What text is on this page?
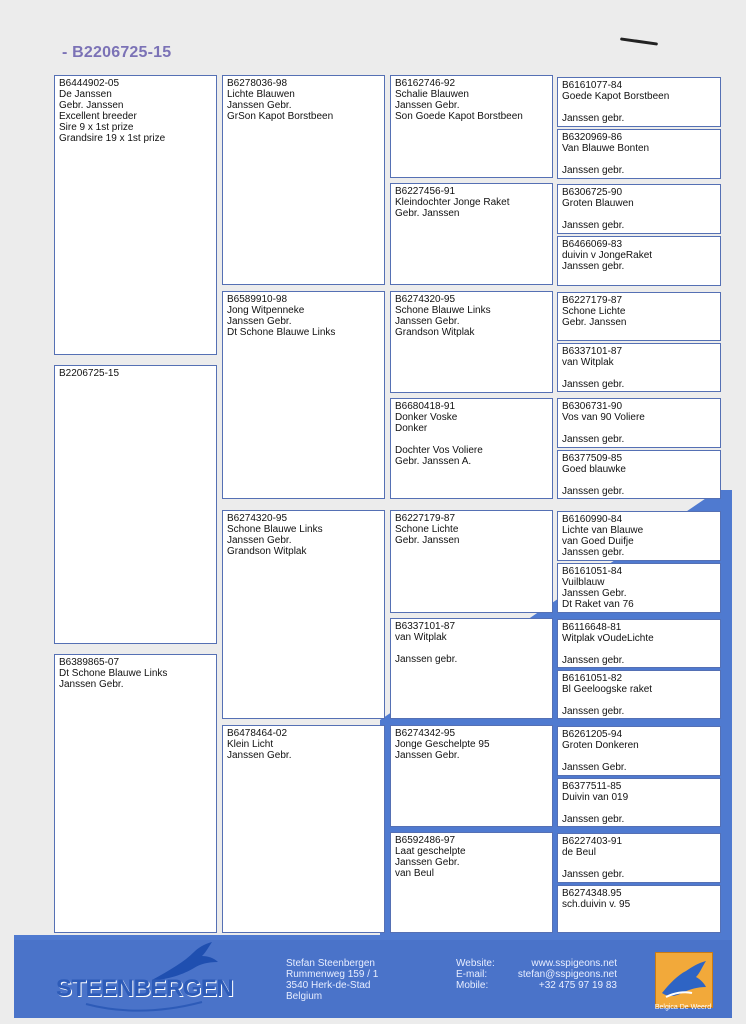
- B2206725-15
B6444902-05
De Janssen
Gebr. Janssen
Excellent breeder
Sire 9 x 1st prize
Grandsire 19 x 1st prize
B2206725-15
B6389865-07
Dt Schone Blauwe Links
Janssen Gebr.
B6278036-98
Lichte Blauwen
Janssen Gebr.
GrSon Kapot Borstbeen
B6589910-98
Jong Witpenneke
Janssen Gebr.
Dt Schone Blauwe Links
B6274320-95
Schone Blauwe Links
Janssen Gebr.
Grandson Witplak
B6478464-02
Klein Licht
Janssen Gebr.
B6162746-92
Schalie Blauwen
Janssen Gebr.
Son Goede Kapot Borstbeen
B6227456-91
Kleindochter Jonge Raket
Gebr. Janssen
B6274320-95
Schone Blauwe Links
Janssen Gebr.
Grandson Witplak
B6680418-91
Donker Voske
Donker
Dochter Vos Voliere
Gebr. Janssen A.
B6227179-87
Schone Lichte
Gebr. Janssen
B6337101-87
van Witplak
Janssen gebr.
B6274342-95
Jonge Geschelpte 95
Janssen Gebr.
B6592486-97
Laat geschelpte
Janssen Gebr.
van Beul
B6161077-84
Goede Kapot Borstbeen
Janssen gebr.
B6320969-86
Van Blauwe Bonten
Janssen gebr.
B6306725-90
Groten Blauwen
Janssen gebr.
B6466069-83
duivin v JongeRaket
Janssen gebr.
B6227179-87
Schone Lichte
Gebr. Janssen
B6337101-87
van Witplak
Janssen gebr.
B6306731-90
Vos van 90 Voliere
Janssen gebr.
B6377509-85
Goed blauwke
Janssen gebr.
B6160990-84
Lichte van Blauwe
van Goed Duifje
Janssen gebr.
B6161051-84
Vuilblauw
Janssen Gebr.
Dt Raket van 76
B6116648-81
Witplak vOudeLichte
Janssen gebr.
B6161051-82
Bl Geeloogske raket
Janssen gebr.
B6261205-94
Groten Donkeren
Janssen Gebr.
B6377511-85
Duivin van 019
Janssen gebr.
B6227403-91
de Beul
Janssen gebr.
B6274348.95
sch.duivin v. 95
STEENBERGEN
Stefan Steenbergen
Rummenweg 159 / 1
3540 Herk-de-Stad
Belgium
Website:
E-mail:
Mobile:
www.sspigeons.net
stefan@sspigeons.net
+32 475 97 19 83
Belgica De Weerd
